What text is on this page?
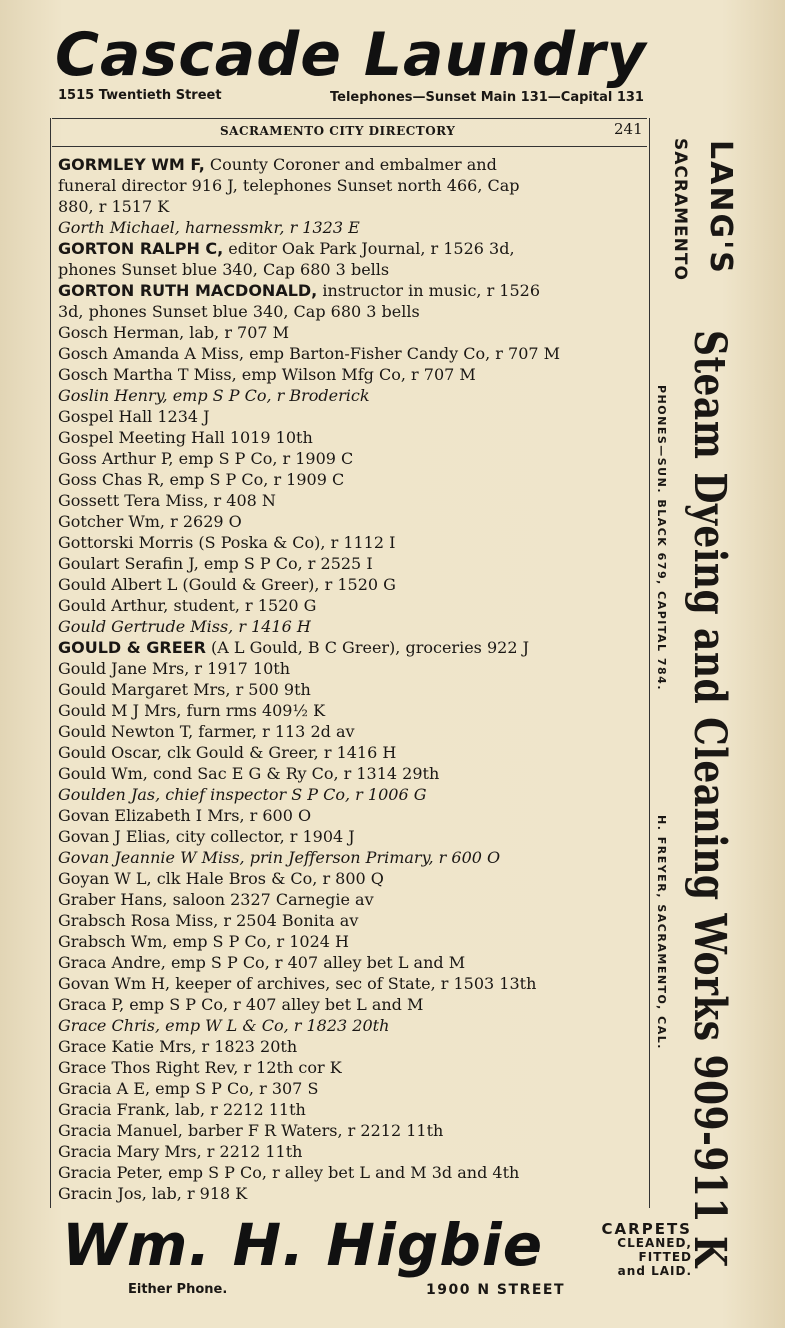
Cascade Laundry
1515 Twentieth Street	Telephones—Sunset Main 131—Capital 131
SACRAMENTO CITY DIRECTORY	241
GORMLEY WM F, County Coroner and embalmer and
funeral director 916 J, telephones Sunset north 466, Cap
880, r 1517 K
Gorth Michael, harnessmkr, r 1323 E
GORTON RALPH C, editor Oak Park Journal, r 1526 3d,
phones Sunset blue 340, Cap 680 3 bells
GORTON RUTH MACDONALD, instructor in music, r 1526
3d, phones Sunset blue 340, Cap 680 3 bells
Gosch Herman, lab, r 707 M
Gosch Amanda A Miss, emp Barton-Fisher Candy Co, r 707 M
Gosch Martha T Miss, emp Wilson Mfg Co, r 707 M
Goslin Henry, emp S P Co, r Broderick
Gospel Hall 1234 J
Gospel Meeting Hall 1019 10th
Goss Arthur P, emp S P Co, r 1909 C
Goss Chas R, emp S P Co, r 1909 C
Gossett Tera Miss, r 408 N
Gotcher Wm, r 2629 O
Gottorski Morris (S Poska & Co), r 1112 I
Goulart Serafin J, emp S P Co, r 2525 I
Gould Albert L (Gould & Greer), r 1520 G
Gould Arthur, student, r 1520 G
Gould Gertrude Miss, r 1416 H
GOULD & GREER (A L Gould, B C Greer), groceries 922 J
Gould Jane Mrs, r 1917 10th
Gould Margaret Mrs, r 500 9th
Gould M J Mrs, furn rms 409½ K
Gould Newton T, farmer, r 113 2d av
Gould Oscar, clk Gould & Greer, r 1416 H
Gould Wm, cond Sac E G & Ry Co, r 1314 29th
Goulden Jas, chief inspector S P Co, r 1006 G
Govan Elizabeth I Mrs, r 600 O
Govan J Elias, city collector, r 1904 J
Govan Jeannie W Miss, prin Jefferson Primary, r 600 O
Goyan W L, clk Hale Bros & Co, r 800 Q
Graber Hans, saloon 2327 Carnegie av
Grabsch Rosa Miss, r 2504 Bonita av
Grabsch Wm, emp S P Co, r 1024 H
Graca Andre, emp S P Co, r 407 alley bet L and M
Govan Wm H, keeper of archives, sec of State, r 1503 13th
Graca P, emp S P Co, r 407 alley bet L and M
Grace Chris, emp W L & Co, r 1823 20th
Grace Katie Mrs, r 1823 20th
Grace Thos Right Rev, r 12th cor K
Gracia A E, emp S P Co, r 307 S
Gracia Frank, lab, r 2212 11th
Gracia Manuel, barber F R Waters, r 2212 11th
Gracia Mary Mrs, r 2212 11th
Gracia Peter, emp S P Co, r alley bet L and M 3d and 4th
Gracin Jos, lab, r 918 K
LANG'S
SACRAMENTO
Steam Dyeing and Cleaning Works 909-911 K
PHONES—SUN. BLACK 679, CAPITAL 784.
H. FREYER, SACRAMENTO, CAL.
Wm. H. Higbie
Either Phone.	1900 N STREET
CARPETS
CLEANED,
FITTED
and LAID.
